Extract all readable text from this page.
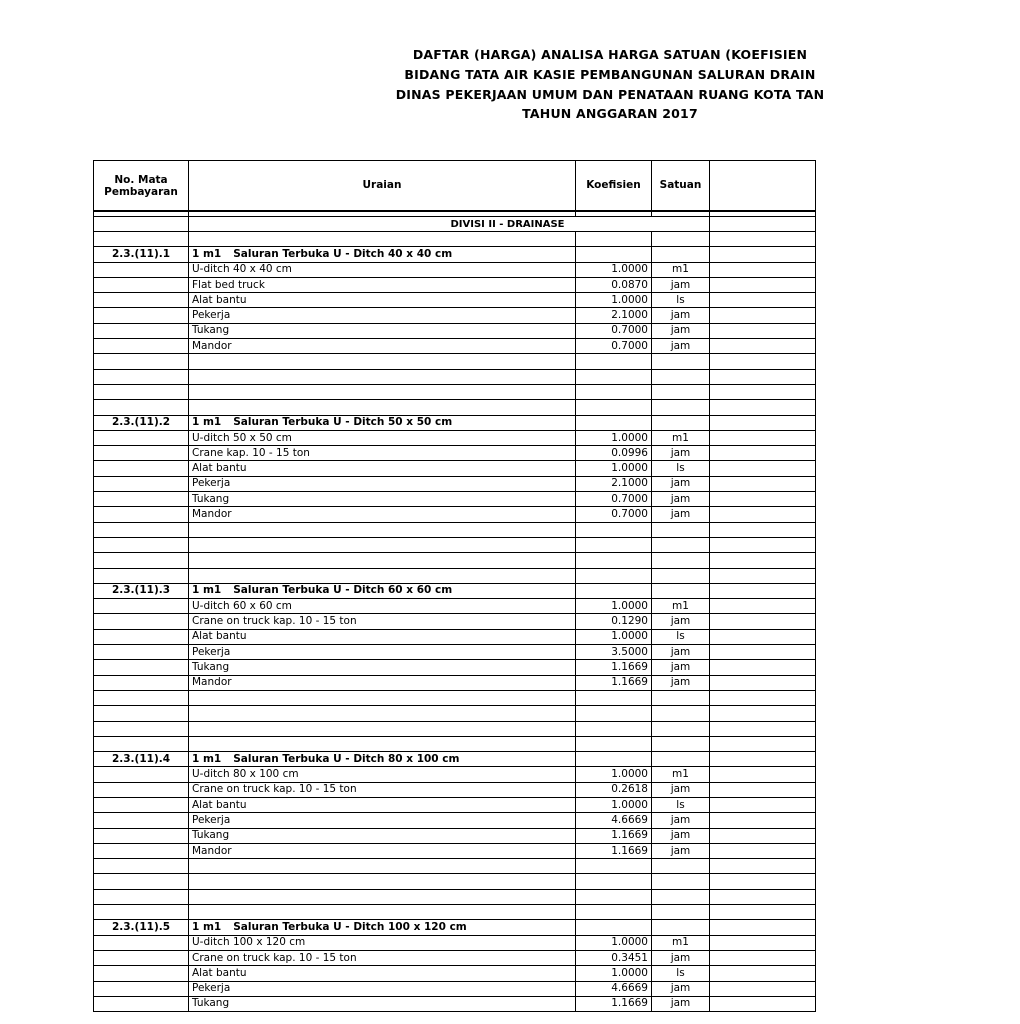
DAFTAR (HARGA) ANALISA HARGA SATUAN (KOEFISIEN
BIDANG TATA AIR KASIE PEMBANGUNAN SALURAN DRAIN
DINAS PEKERJAAN UMUM DAN PENATAAN RUANG KOTA TAN
TAHUN ANGGARAN 2017
No. Mata
Pembayaran	Uraian	Koefisien	Satuan	

	DIVISI II - DRAINASE			

2.3.(11).1	1 m1 Saluran Terbuka U - Ditch 40 x 40 cm			
	U-ditch 40 x 40 cm	1.0000	m1	
	Flat bed truck	0.0870	jam	
	Alat bantu	1.0000	ls	
	Pekerja	2.1000	jam	
	Tukang	0.7000	jam	
	Mandor	0.7000	jam	

2.3.(11).2	1 m1 Saluran Terbuka U - Ditch 50 x 50 cm			
	U-ditch 50 x 50 cm	1.0000	m1	
	Crane kap. 10 - 15 ton	0.0996	jam	
	Alat bantu	1.0000	ls	
	Pekerja	2.1000	jam	
	Tukang	0.7000	jam	
	Mandor	0.7000	jam	

2.3.(11).3	1 m1 Saluran Terbuka U - Ditch 60 x 60 cm			
	U-ditch 60 x 60 cm	1.0000	m1	
	Crane on truck kap. 10 - 15 ton	0.1290	jam	
	Alat bantu	1.0000	ls	
	Pekerja	3.5000	jam	
	Tukang	1.1669	jam	
	Mandor	1.1669	jam	

2.3.(11).4	1 m1 Saluran Terbuka U - Ditch 80 x 100 cm			
	U-ditch 80 x 100 cm	1.0000	m1	
	Crane on truck kap. 10 - 15 ton	0.2618	jam	
	Alat bantu	1.0000	ls	
	Pekerja	4.6669	jam	
	Tukang	1.1669	jam	
	Mandor	1.1669	jam	

2.3.(11).5	1 m1 Saluran Terbuka U - Ditch 100 x 120 cm			
	U-ditch 100 x 120 cm	1.0000	m1	
	Crane on truck kap. 10 - 15 ton	0.3451	jam	
	Alat bantu	1.0000	ls	
	Pekerja	4.6669	jam	
	Tukang	1.1669	jam	
